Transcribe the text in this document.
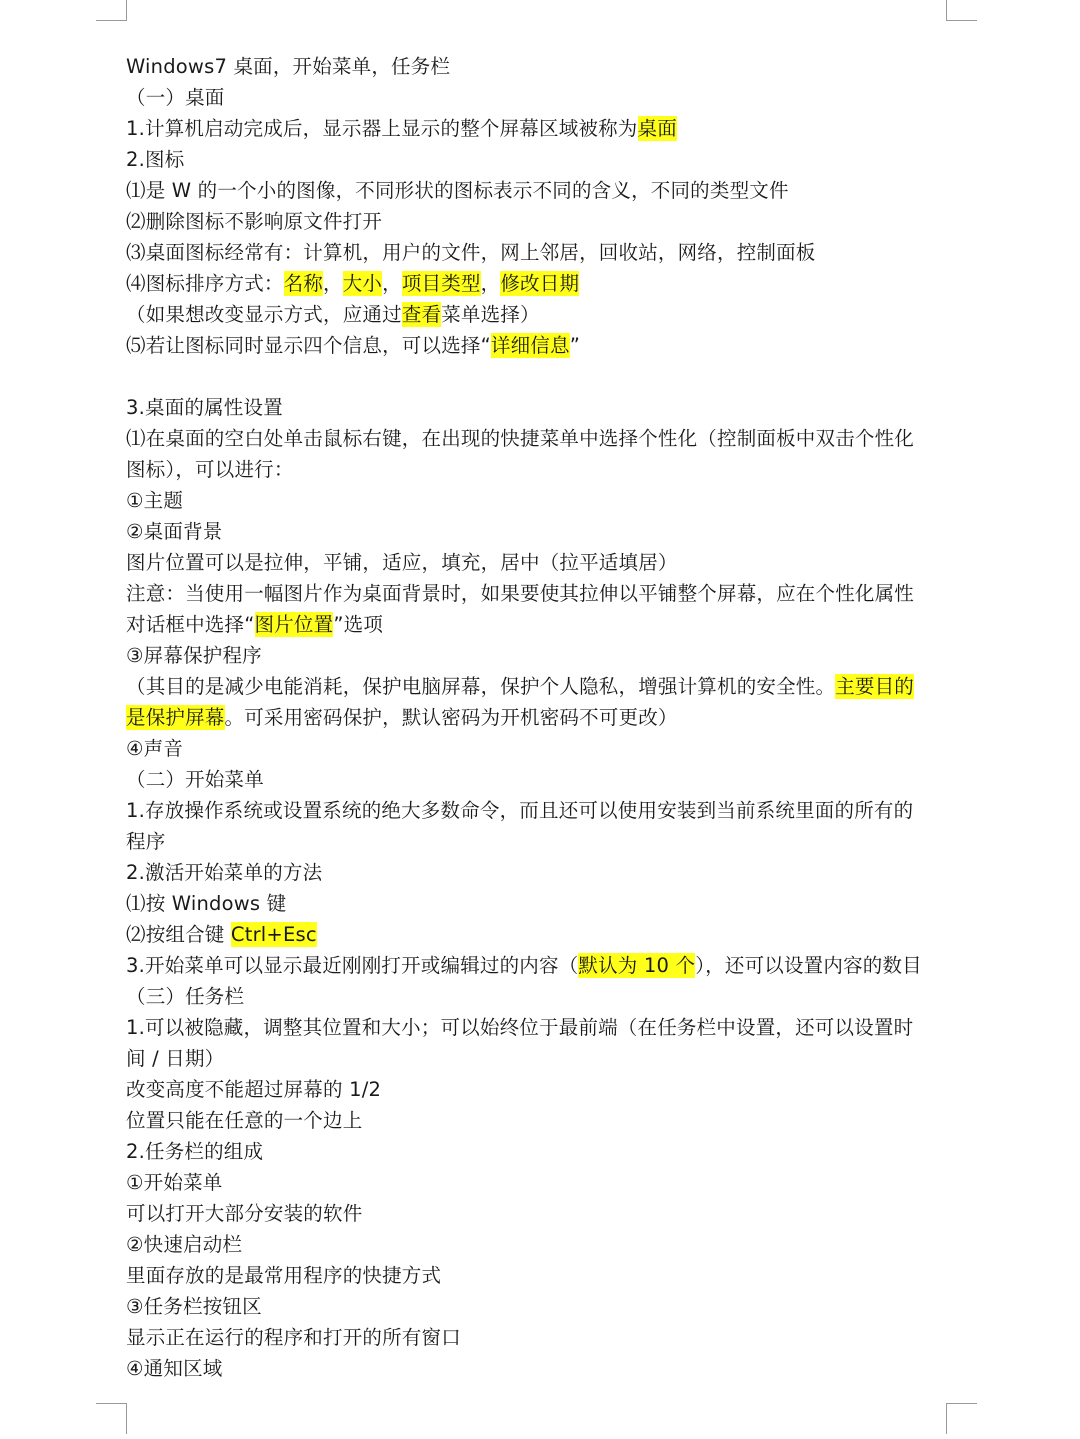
Windows7 桌面，开始菜单，任务栏
（一）桌面
1.计算机启动完成后，显示器上显示的整个屏幕区域被称为桌面
2.图标
⑴是 W 的一个小的图像，不同形状的图标表示不同的含义，不同的类型文件
⑵删除图标不影响原文件打开
⑶桌面图标经常有：计算机，用户的文件，网上邻居，回收站，网络，控制面板
⑷图标排序方式：名称，大小，项目类型，修改日期
（如果想改变显示方式，应通过查看菜单选择）
⑸若让图标同时显示四个信息，可以选择“详细信息”
3.桌面的属性设置
⑴在桌面的空白处单击鼠标右键，在出现的快捷菜单中选择个性化（控制面板中双击个性化
图标），可以进行：
①主题
②桌面背景
图片位置可以是拉伸，平铺，适应，填充，居中（拉平适填居）
注意：当使用一幅图片作为桌面背景时，如果要使其拉伸以平铺整个屏幕，应在个性化属性
对话框中选择“图片位置”选项
③屏幕保护程序
（其目的是减少电能消耗，保护电脑屏幕，保护个人隐私，增强计算机的安全性。主要目的
是保护屏幕。可采用密码保护，默认密码为开机密码不可更改）
④声音
（二）开始菜单
1.存放操作系统或设置系统的绝大多数命令，而且还可以使用安装到当前系统里面的所有的
程序
2.激活开始菜单的方法
⑴按 Windows 键
⑵按组合键 Ctrl+Esc
3.开始菜单可以显示最近刚刚打开或编辑过的内容（默认为 10 个），还可以设置内容的数目
（三）任务栏
1.可以被隐藏，调整其位置和大小；可以始终位于最前端（在任务栏中设置，还可以设置时
间 / 日期）
改变高度不能超过屏幕的 1/2
位置只能在任意的一个边上
2.任务栏的组成
①开始菜单
可以打开大部分安装的软件
②快速启动栏
里面存放的是最常用程序的快捷方式
③任务栏按钮区
显示正在运行的程序和打开的所有窗口
④通知区域
